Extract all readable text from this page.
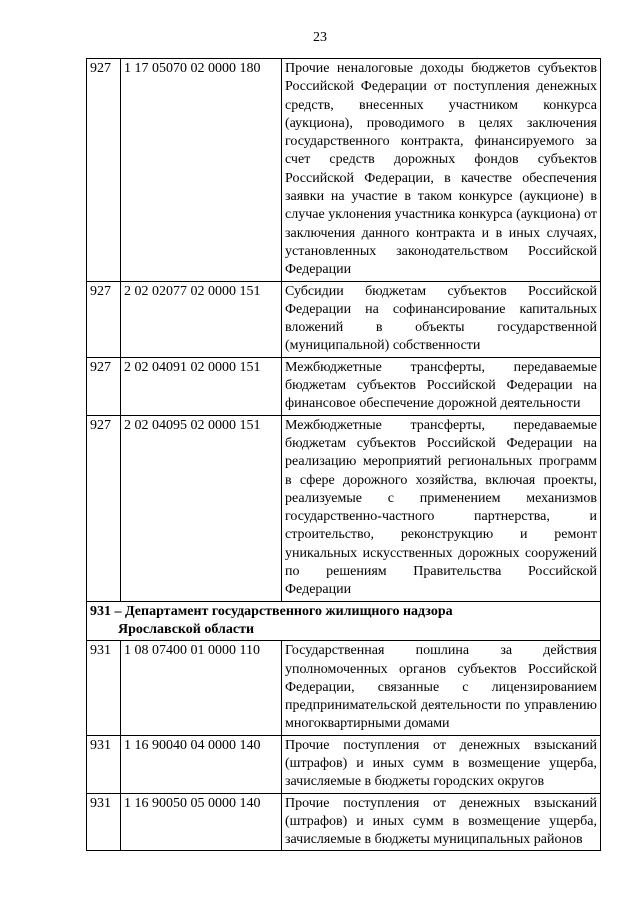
23
927	1 17 05070 02 0000 180	Прочие неналоговые доходы бюджетов субъектов Российской Федерации от поступления денежных средств, внесенных участником конкурса (аукциона), проводимого в целях заключения государственного контракта, финансируемого за счет средств дорожных фондов субъектов Российской Федерации, в качестве обеспечения заявки на участие в таком конкурсе (аукционе) в случае уклонения участника конкурса (аукциона) от заключения данного контракта и в иных случаях, установленных законодательством Российской Федерации
927	2 02 02077 02 0000 151	Субсидии бюджетам субъектов Российской Федерации на софинансирование капитальных вложений в объекты государственной (муниципальной) собственности
927	2 02 04091 02 0000 151	Межбюджетные трансферты, передаваемые бюджетам субъектов Российской Федерации на финансовое обеспечение дорожной деятельности
927	2 02 04095 02 0000 151	Межбюджетные трансферты, передаваемые бюджетам субъектов Российской Федерации на реализацию мероприятий региональных программ в сфере дорожного хозяйства, включая проекты, реализуемые с применением механизмов государственно-частного партнерства, и строительство, реконструкцию и ремонт уникальных искусственных дорожных сооружений по решениям Правительства Российской Федерации
931 – Департамент государственного жилищного надзора
Ярославской области		

931	1 08 07400 01 0000 110	Государственная пошлина за действия уполномоченных органов субъектов Российской Федерации, связанные с лицензированием предпринимательской деятельности по управлению многоквартирными домами
931	1 16 90040 04 0000 140	Прочие поступления от денежных взысканий (штрафов) и иных сумм в возмещение ущерба, зачисляемые в бюджеты городских округов
931	1 16 90050 05 0000 140	Прочие поступления от денежных взысканий (штрафов) и иных сумм в возмещение ущерба, зачисляемые в бюджеты муниципальных районов
